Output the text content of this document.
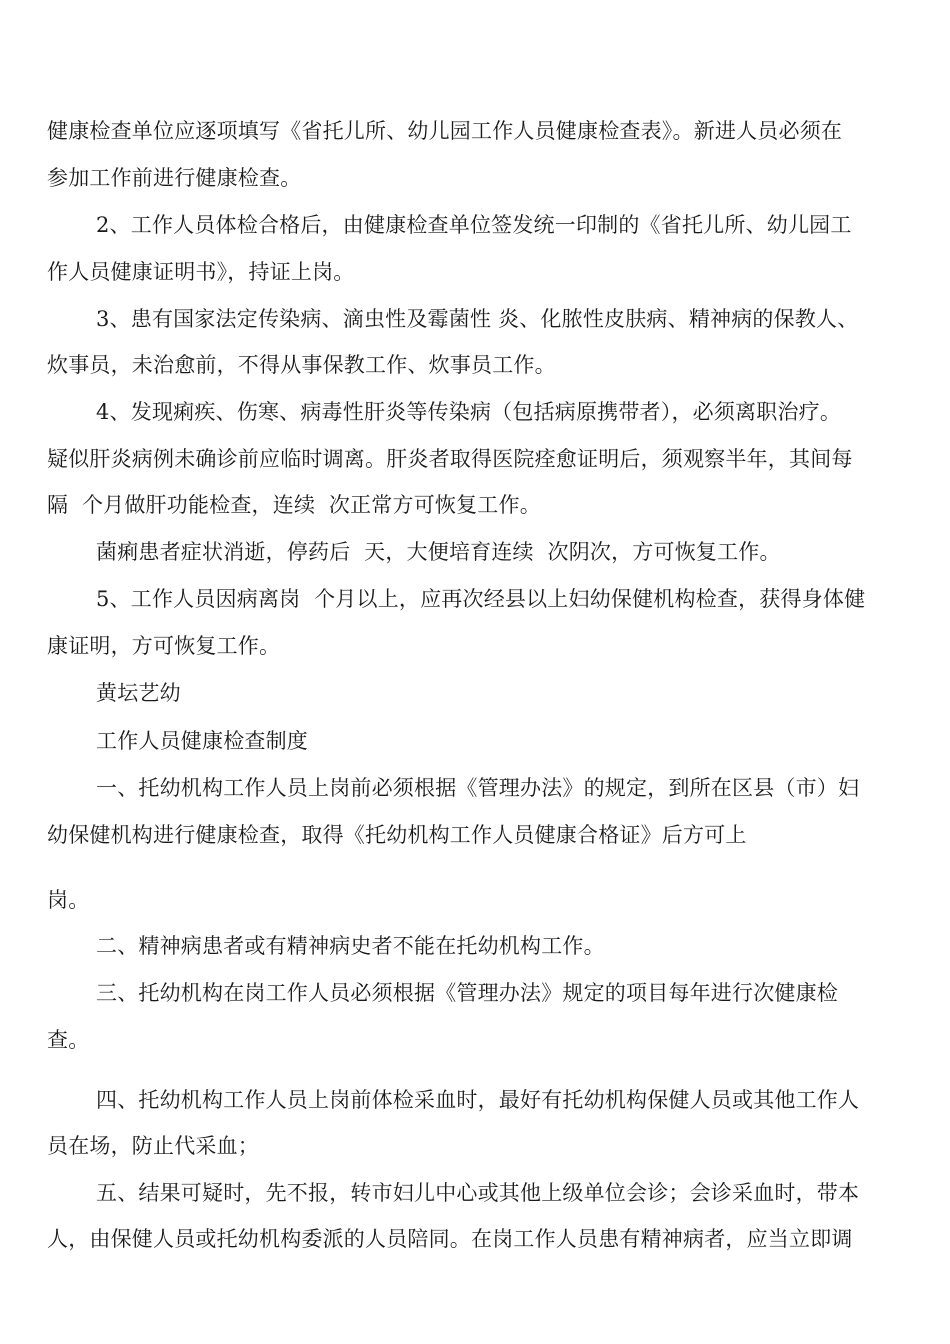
健康检查单位应逐项填写《省托儿所、幼儿园工作人员健康检查表》。新进人员必须在
参加工作前进行健康检查。
2、工作人员体检合格后，由健康检查单位签发统一印制的《省托儿所、幼儿园工
作人员健康证明书》，持证上岗。
3、患有国家法定传染病、滴虫性及霉菌性 炎、化脓性皮肤病、精神病的保教人、
炊事员，未治愈前，不得从事保教工作、炊事员工作。
4、发现痢疾、伤寒、病毒性肝炎等传染病（包括病原携带者），必须离职治疗。
疑似肝炎病例未确诊前应临时调离。肝炎者取得医院痊愈证明后，须观察半年，其间每
隔  个月做肝功能检查，连续  次正常方可恢复工作。
菌痢患者症状消逝，停药后  天，大便培育连续  次阴次，方可恢复工作。
5、工作人员因病离岗  个月以上，应再次经县以上妇幼保健机构检查，获得身体健
康证明，方可恢复工作。
黄坛艺幼
工作人员健康检查制度
一、托幼机构工作人员上岗前必须根据《管理办法》的规定，到所在区县（市）妇
幼保健机构进行健康检查，取得《托幼机构工作人员健康合格证》后方可上
岗。
二、精神病患者或有精神病史者不能在托幼机构工作。
三、托幼机构在岗工作人员必须根据《管理办法》规定的项目每年进行次健康检
查。
四、托幼机构工作人员上岗前体检采血时，最好有托幼机构保健人员或其他工作人
员在场，防止代采血；
五、结果可疑时，先不报，转市妇儿中心或其他上级单位会诊；会诊采血时，带本
人，由保健人员或托幼机构委派的人员陪同。在岗工作人员患有精神病者，应当立即调
